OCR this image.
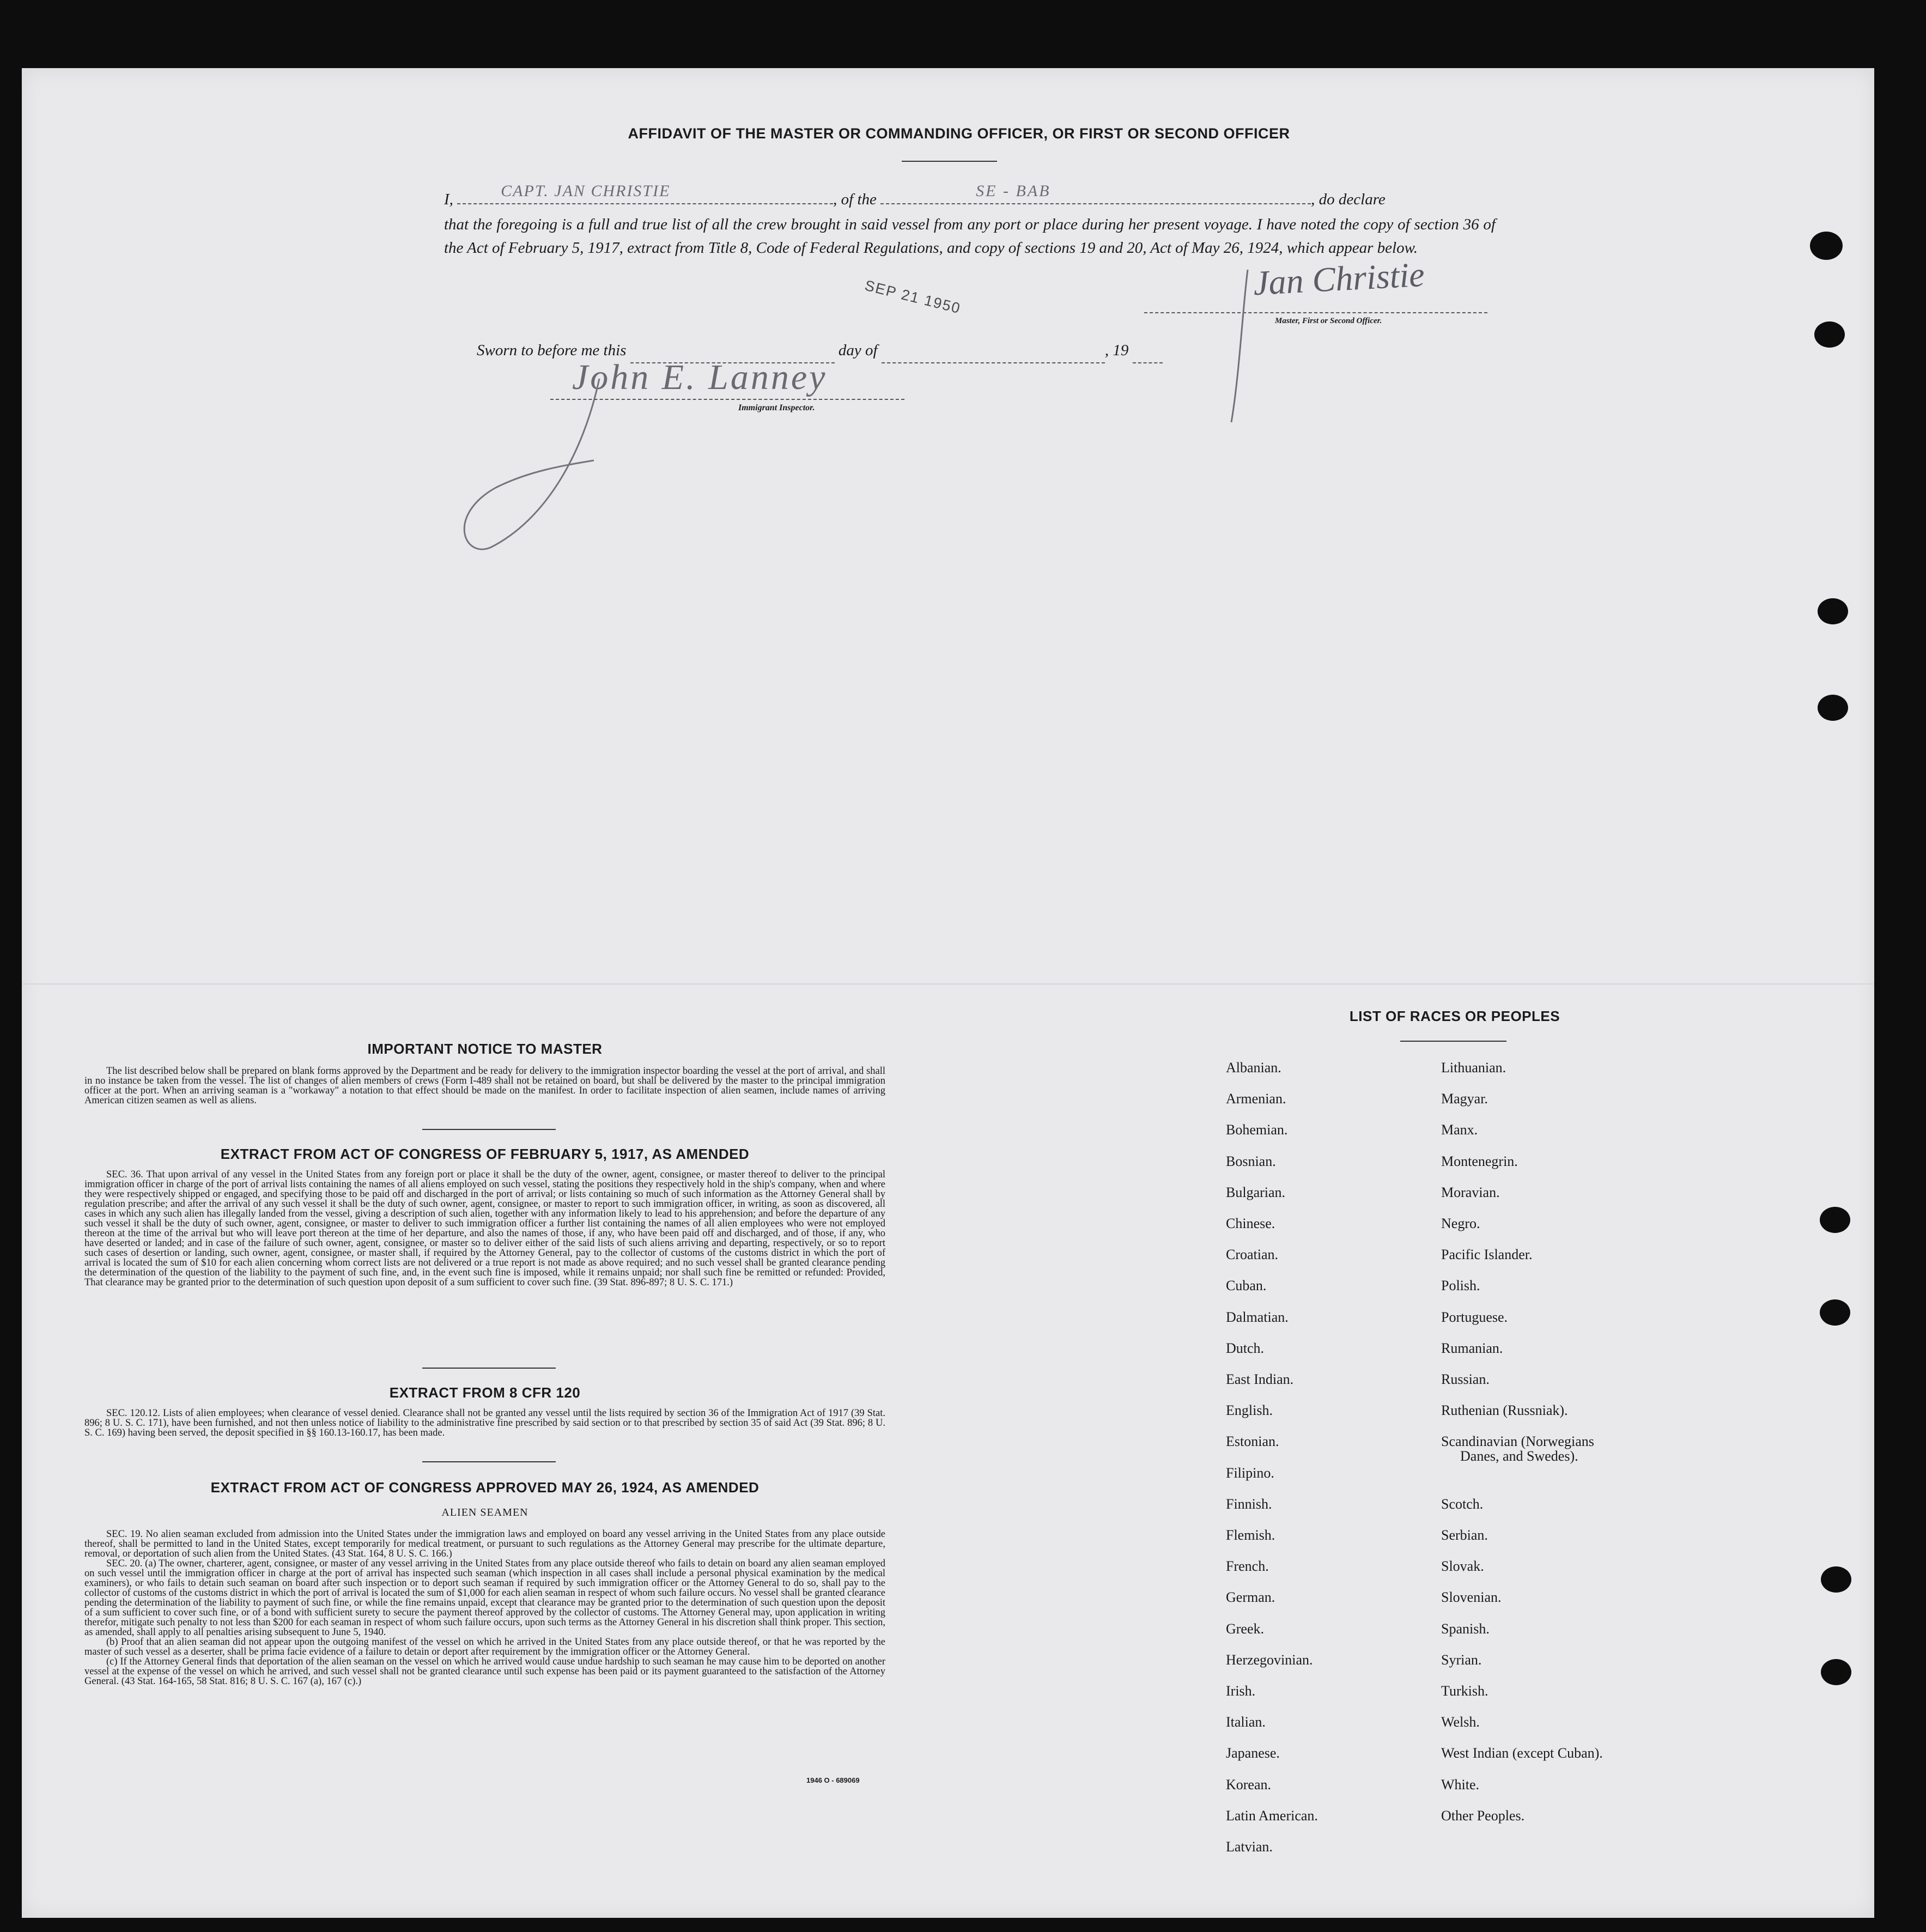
AFFIDAVIT OF THE MASTER OR COMMANDING OFFICER, OR FIRST OR SECOND OFFICER
I,	CAPT. JAN CHRISTIE	, of the	SE - BAB	, do declare
that the foregoing is a full and true list of all the crew brought in said vessel from any port or place during her present voyage. I have noted the copy of section 36 of the Act of February 5, 1917, extract from Title 8, Code of Federal Regulations, and copy of sections 19 and 20, Act of May 26, 1924, which appear below.
SEP 21 1950	Jan Christie
Master, First or Second Officer.
Sworn to before me this	day of	, 19
John E. Lanney
Immigrant Inspector.
IMPORTANT NOTICE TO MASTER

The list described below shall be prepared on blank forms approved by the Department and be ready for delivery to the immigration inspector boarding the vessel at the port of arrival, and shall in no instance be taken from the vessel. The list of changes of alien members of crews (Form I-489 shall not be retained on board, but shall be delivered by the master to the principal immigration officer at the port. When an arriving seaman is a "workaway" a notation to that effect should be made on the manifest. In order to facilitate inspection of alien seamen, include names of arriving American citizen seamen as well as aliens.

EXTRACT FROM ACT OF CONGRESS OF FEBRUARY 5, 1917, AS AMENDED

SEC. 36. That upon arrival of any vessel in the United States from any foreign port or place it shall be the duty of the owner, agent, consignee, or master thereof to deliver to the principal immigration officer in charge of the port of arrival lists containing the names of all aliens employed on such vessel, stating the positions they respectively hold in the ship's company, when and where they were respectively shipped or engaged, and specifying those to be paid off and discharged in the port of arrival; or lists containing so much of such information as the Attorney General shall by regulation prescribe; and after the arrival of any such vessel it shall be the duty of such owner, agent, consignee, or master to report to such immigration officer, in writing, as soon as discovered, all cases in which any such alien has illegally landed from the vessel, giving a description of such alien, together with any information likely to lead to his apprehension; and before the departure of any such vessel it shall be the duty of such owner, agent, consignee, or master to deliver to such immigration officer a further list containing the names of all alien employees who were not employed thereon at the time of the arrival but who will leave port thereon at the time of her departure, and also the names of those, if any, who have been paid off and discharged, and of those, if any, who have deserted or landed; and in case of the failure of such owner, agent, consignee, or master so to deliver either of the said lists of such aliens arriving and departing, respectively, or so to report such cases of desertion or landing, such owner, agent, consignee, or master shall, if required by the Attorney General, pay to the collector of customs of the customs district in which the port of arrival is located the sum of $10 for each alien concerning whom correct lists are not delivered or a true report is not made as above required; and no such vessel shall be granted clearance pending the determination of the question of the liability to the payment of such fine, and, in the event such fine is imposed, while it remains unpaid; nor shall such fine be remitted or refunded: Provided, That clearance may be granted prior to the determination of such question upon deposit of a sum sufficient to cover such fine. (39 Stat. 896-897; 8 U. S. C. 171.)

EXTRACT FROM 8 CFR 120

SEC. 120.12. Lists of alien employees; when clearance of vessel denied. Clearance shall not be granted any vessel until the lists required by section 36 of the Immigration Act of 1917 (39 Stat. 896; 8 U. S. C. 171), have been furnished, and not then unless notice of liability to the administrative fine prescribed by said section or to that prescribed by section 35 of said Act (39 Stat. 896; 8 U. S. C. 169) having been served, the deposit specified in §§ 160.13-160.17, has been made.

EXTRACT FROM ACT OF CONGRESS APPROVED MAY 26, 1924, AS AMENDED
ALIEN SEAMEN

SEC. 19. No alien seaman excluded from admission into the United States under the immigration laws and employed on board any vessel arriving in the United States from any place outside thereof, shall be permitted to land in the United States, except temporarily for medical treatment, or pursuant to such regulations as the Attorney General may prescribe for the ultimate departure, removal, or deportation of such alien from the United States. (43 Stat. 164, 8 U. S. C. 166.)

SEC. 20. (a) The owner, charterer, agent, consignee, or master of any vessel arriving in the United States from any place outside thereof who fails to detain on board any alien seaman employed on such vessel until the immigration officer in charge at the port of arrival has inspected such seaman (which inspection in all cases shall include a personal physical examination by the medical examiners), or who fails to detain such seaman on board after such inspection or to deport such seaman if required by such immigration officer or the Attorney General to do so, shall pay to the collector of customs of the customs district in which the port of arrival is located the sum of $1,000 for each alien seaman in respect of whom such failure occurs. No vessel shall be granted clearance pending the determination of the liability to payment of such fine, or while the fine remains unpaid, except that clearance may be granted prior to the determination of such question upon the deposit of a sum sufficient to cover such fine, or of a bond with sufficient surety to secure the payment thereof approved by the collector of customs. The Attorney General may, upon application in writing therefor, mitigate such penalty to not less than $200 for each seaman in respect of whom such failure occurs, upon such terms as the Attorney General in his discretion shall think proper. This section, as amended, shall apply to all penalties arising subsequent to June 5, 1940.

(b) Proof that an alien seaman did not appear upon the outgoing manifest of the vessel on which he arrived in the United States from any place outside thereof, or that he was reported by the master of such vessel as a deserter, shall be prima facie evidence of a failure to detain or deport after requirement by the immigration officer or the Attorney General.

(c) If the Attorney General finds that deportation of the alien seaman on the vessel on which he arrived would cause undue hardship to such seaman he may cause him to be deported on another vessel at the expense of the vessel on which he arrived, and such vessel shall not be granted clearance until such expense has been paid or its payment guaranteed to the satisfaction of the Attorney General. (43 Stat. 164-165, 58 Stat. 816; 8 U. S. C. 167 (a), 167 (c).)

1946 O - 689069
LIST OF RACES OR PEOPLES
Albanian.
Armenian.
Bohemian.
Bosnian.
Bulgarian.
Chinese.
Croatian.
Cuban.
Dalmatian.
Dutch.
East Indian.
English.
Estonian.
Filipino.
Finnish.
Flemish.
French.
German.
Greek.
Herzegovinian.
Irish.
Italian.
Japanese.
Korean.
Latin American.
Latvian.
Lithuanian.
Magyar.
Manx.
Montenegrin.
Moravian.
Negro.
Pacific Islander.
Polish.
Portuguese.
Rumanian.
Russian.
Ruthenian (Russniak).
Scandinavian (Norwegians
Danes, and Swedes).
Scotch.
Serbian.
Slovak.
Slovenian.
Spanish.
Syrian.
Turkish.
Welsh.
West Indian (except Cuban).
White.
Other Peoples.
